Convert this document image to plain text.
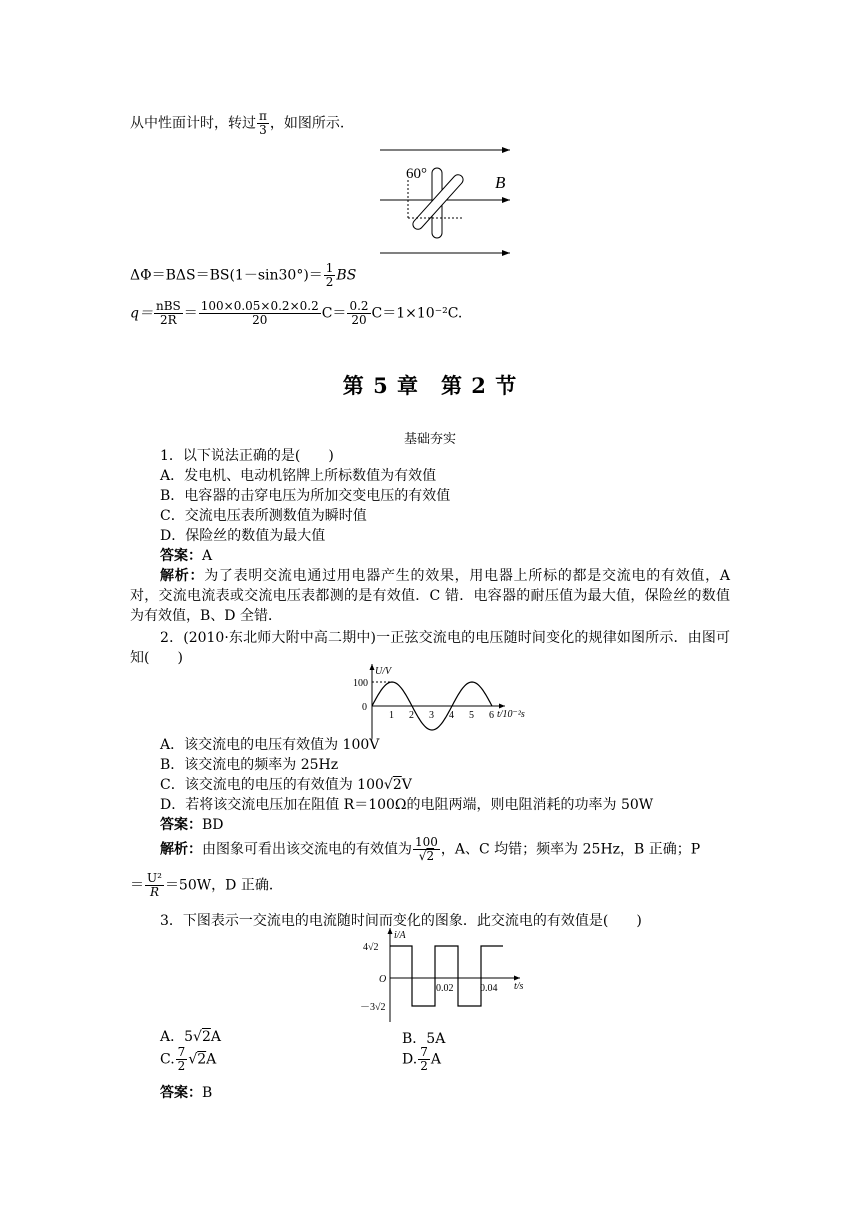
从中性面计时，转过 $\frac{\pi}{3}$ ，如图所示.
60°	B
$\Delta\Phi=B\Delta S=BS(1-\sin 30^\circ)= \frac{1}{2}$ BS
$q= \frac{\text{nBS}}{2R} = \frac{100\times 0.05\times 0.2\times 0.2}{20} C= \frac{0.2}{20} C=1\times 10^{-2}C$.
第 5 章　第 2 节
基础夯实
1．以下说法正确的是(　　)
A．发电机、电动机铭牌上所标数值为有效值
B．电容器的击穿电压为所加交变电压的有效值
C．交流电压表所测数值为瞬时值
D．保险丝的数值为最大值
答案：A
解析：为了表明交流电通过用电器产生的效果，用电器上所标的都是交流电的有效值，A 对，交流电流表或交流电压表都测的是有效值．C 错．电容器的耐压值为最大值，保险丝的数值为有效值，B、D 全错．
2．(2010·东北师大附中高二期中)一正弦交流电的电压随时间变化的规律如图所示．由图可知(　　)
U/V
t/10⁻²s
100
0
1 2 3 4 5 6
A．该交流电的电压有效值为 100V
B．该交流电的频率为 25Hz
C．该交流电的电压的有效值为 100√2V
D．若将该交流电压加在阻值 R＝100Ω的电阻两端，则电阻消耗的功率为 50W
答案：BD
解析：由图象可看出该交流电的有效值为 $\frac{100}{√2}$ ，A、C 均错；频率为 25Hz，B 正确；P
＝ $\frac{\text{U²}}{R} =50W$，D 正确．
3．下图表示一交流电的电流随时间而变化的图象．此交流电的有效值是(　　)
i/A
t/s
4√2
－3√2
O
0.02	0.04
A．5√2A	B．5A
C. $\frac{7}{2} √2A$	D. $\frac{7}{2}$ A
答案：B
